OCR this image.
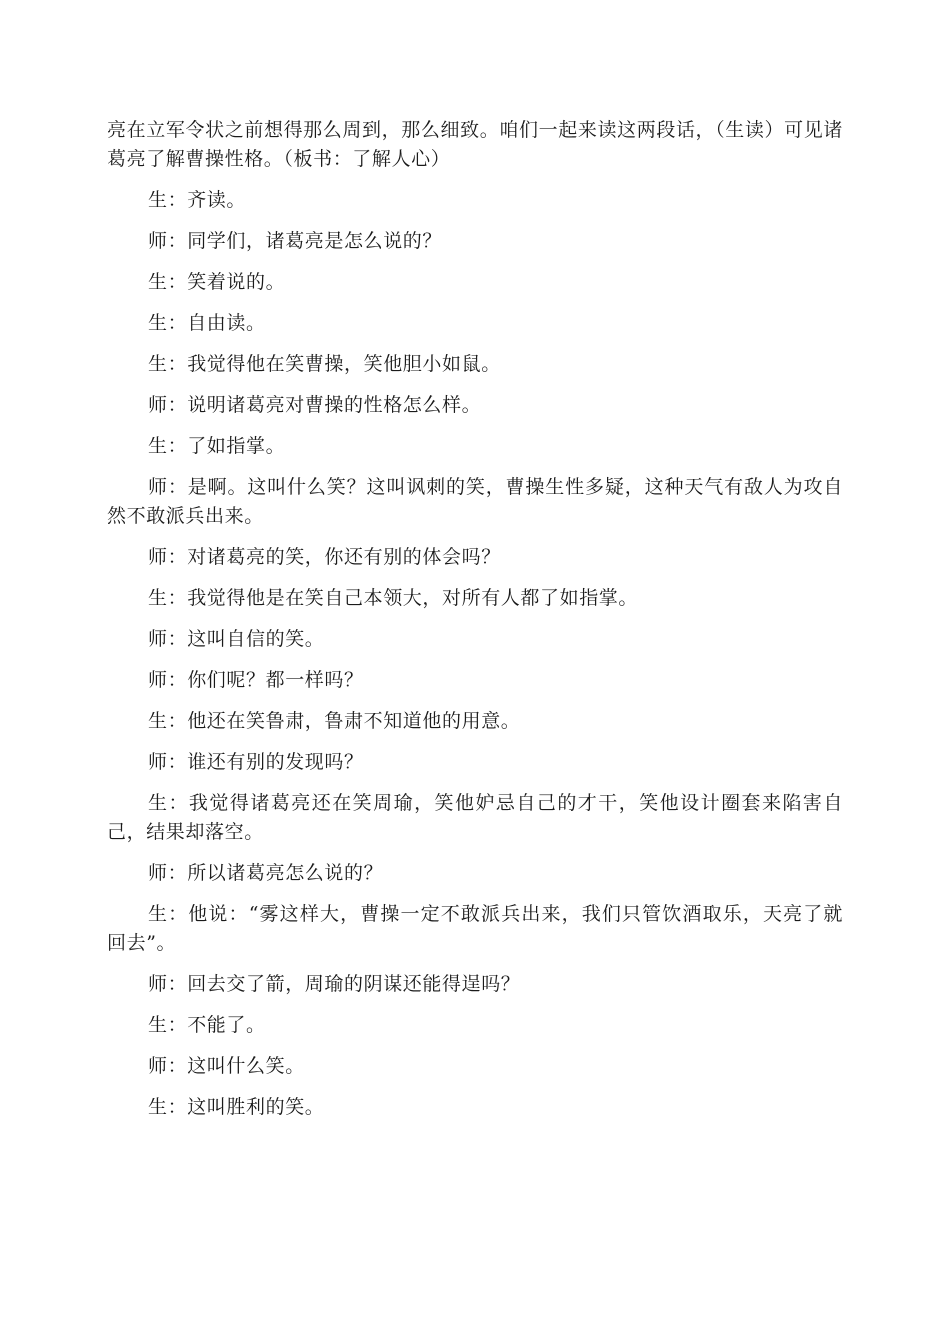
亮在立军令状之前想得那么周到，那么细致。咱们一起来读这两段话，（生读）可见诸葛亮了解曹操性格。（板书：了解人心）

生：齐读。

师：同学们，诸葛亮是怎么说的？

生：笑着说的。

生：自由读。

生：我觉得他在笑曹操，笑他胆小如鼠。

师：说明诸葛亮对曹操的性格怎么样。

生：了如指掌。

师：是啊。这叫什么笑？这叫讽刺的笑，曹操生性多疑，这种天气有敌人为攻自然不敢派兵出来。

师：对诸葛亮的笑，你还有别的体会吗？

生：我觉得他是在笑自己本领大，对所有人都了如指掌。

师：这叫自信的笑。

师：你们呢？都一样吗？

生：他还在笑鲁肃，鲁肃不知道他的用意。

师：谁还有别的发现吗？

生：我觉得诸葛亮还在笑周瑜，笑他妒忌自己的才干，笑他设计圈套来陷害自己，结果却落空。

师：所以诸葛亮怎么说的？

生：他说：“雾这样大，曹操一定不敢派兵出来，我们只管饮酒取乐，天亮了就回去”。

师：回去交了箭，周瑜的阴谋还能得逞吗？

生：不能了。

师：这叫什么笑。

生：这叫胜利的笑。
